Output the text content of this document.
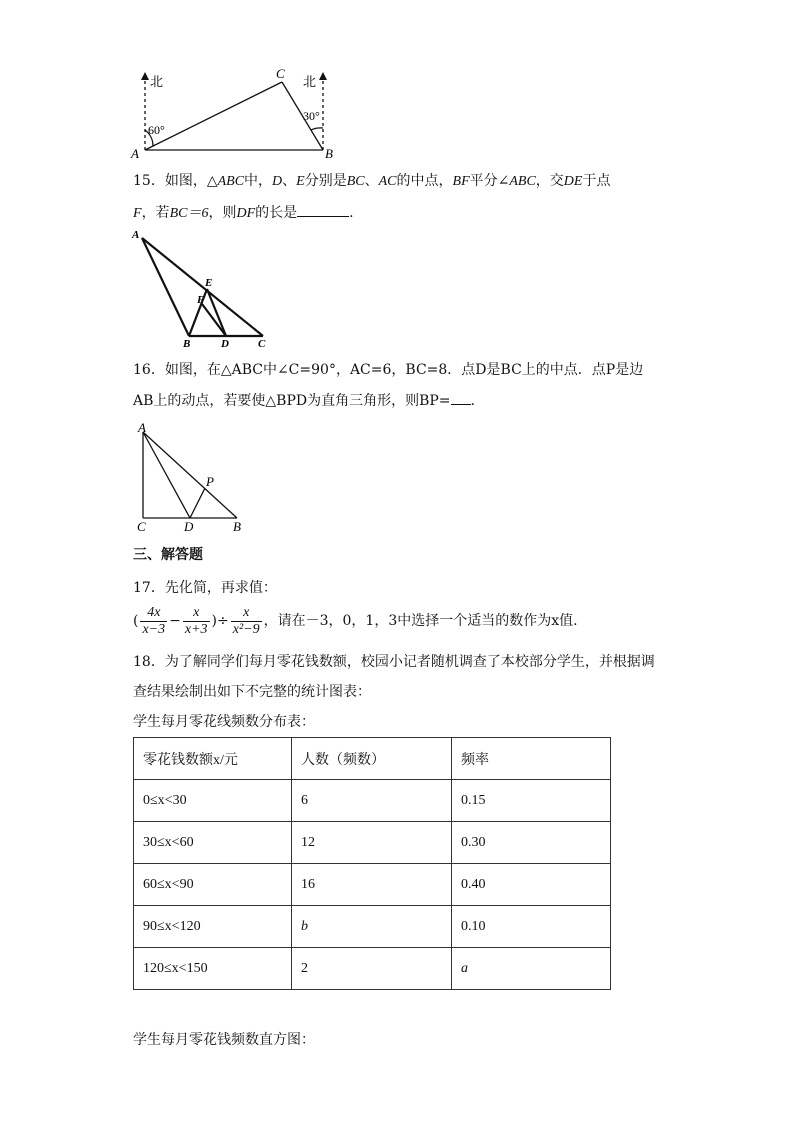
北	北
60°
30°
A	B
C
15．如图，△ABC中，D、E分别是BC、AC的中点，BF平分∠ABC，交DE于点
F，若BC＝6，则DF的长是	.
A
B	C
D
E
F
16．如图，在△ABC中∠C=90°，AC=6，BC=8．点D是BC上的中点．点P是边
AB上的动点，若要使△BPD为直角三角形，则BP= .
A
C	D	B
P
三、解答题
17．先化简，再求值：
( $\frac{4x}{x-3} - \frac{x}{x+3}$ )÷ $\frac{x}{\text{x²−9}}$ ，请在－3，0，1，3中选择一个适当的数作为x值.
18．为了解同学们每月零花钱数额，校园小记者随机调查了本校部分学生，并根据调
查结果绘制出如下不完整的统计图表：
学生每月零花线频数分布表：
零花钱数额x/元	人数（频数）	频率
0≤x<30	6	0.15
30≤x<60	12	0.30
60≤x<90	16	0.40
90≤x<120	b	0.10
120≤x<150	2	a
学生每月零花钱频数直方图：
